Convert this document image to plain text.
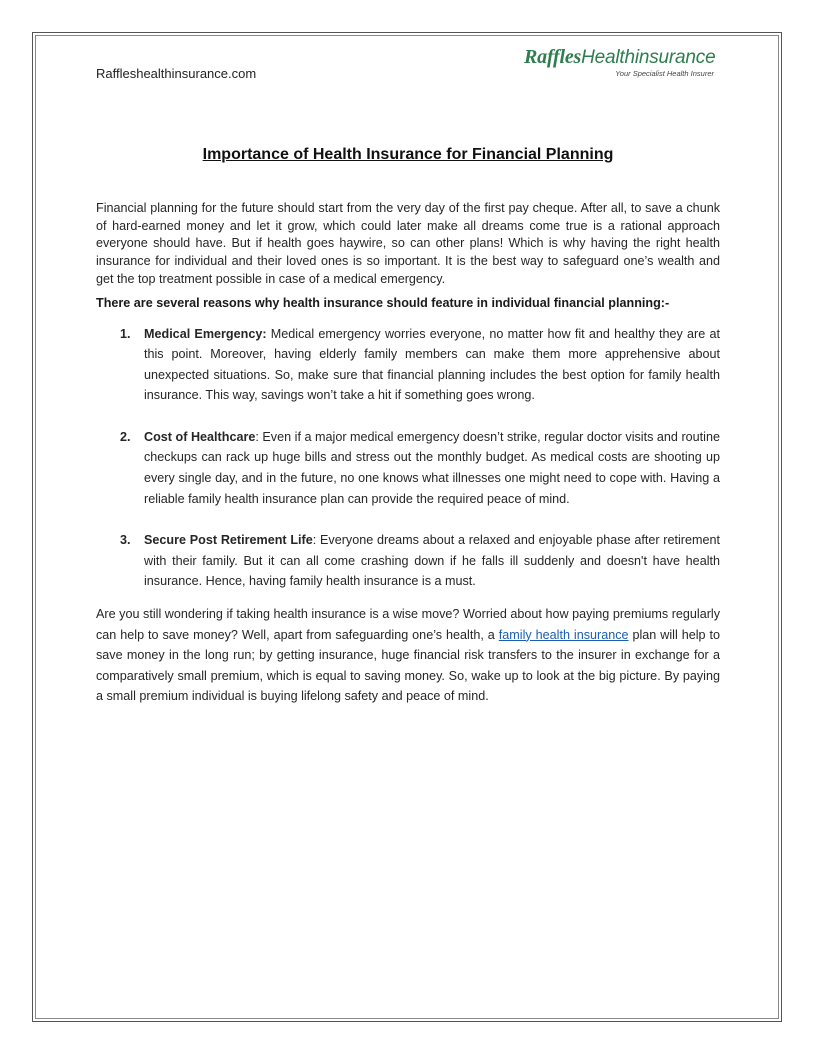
Raffleshealthinsurance.com
RafflesHealthinsurance
Your Specialist Health Insurer
Importance of Health Insurance for Financial Planning

Financial planning for the future should start from the very day of the first pay cheque. After all, to save a chunk of hard-earned money and let it grow, which could later make all dreams come true is a rational approach everyone should have. But if health goes haywire, so can other plans! Which is why having the right health insurance for individual and their loved ones is so important. It is the best way to safeguard one’s wealth and get the top treatment possible in case of a medical emergency.

There are several reasons why health insurance should feature in individual financial planning:-

1. Medical Emergency: Medical emergency worries everyone, no matter how fit and healthy they are at this point. Moreover, having elderly family members can make them more apprehensive about unexpected situations. So, make sure that financial planning includes the best option for family health insurance. This way, savings won’t take a hit if something goes wrong.
2. Cost of Healthcare: Even if a major medical emergency doesn’t strike, regular doctor visits and routine checkups can rack up huge bills and stress out the monthly budget. As medical costs are shooting up every single day, and in the future, no one knows what illnesses one might need to cope with. Having a reliable family health insurance plan can provide the required peace of mind.
3. Secure Post Retirement Life: Everyone dreams about a relaxed and enjoyable phase after retirement with their family. But it can all come crashing down if he falls ill suddenly and doesn't have health insurance. Hence, having family health insurance is a must.

Are you still wondering if taking health insurance is a wise move? Worried about how paying premiums regularly can help to save money? Well, apart from safeguarding one’s health, a family health insurance plan will help to save money in the long run; by getting insurance, huge financial risk transfers to the insurer in exchange for a comparatively small premium, which is equal to saving money. So, wake up to look at the big picture. By paying a small premium individual is buying lifelong safety and peace of mind.
